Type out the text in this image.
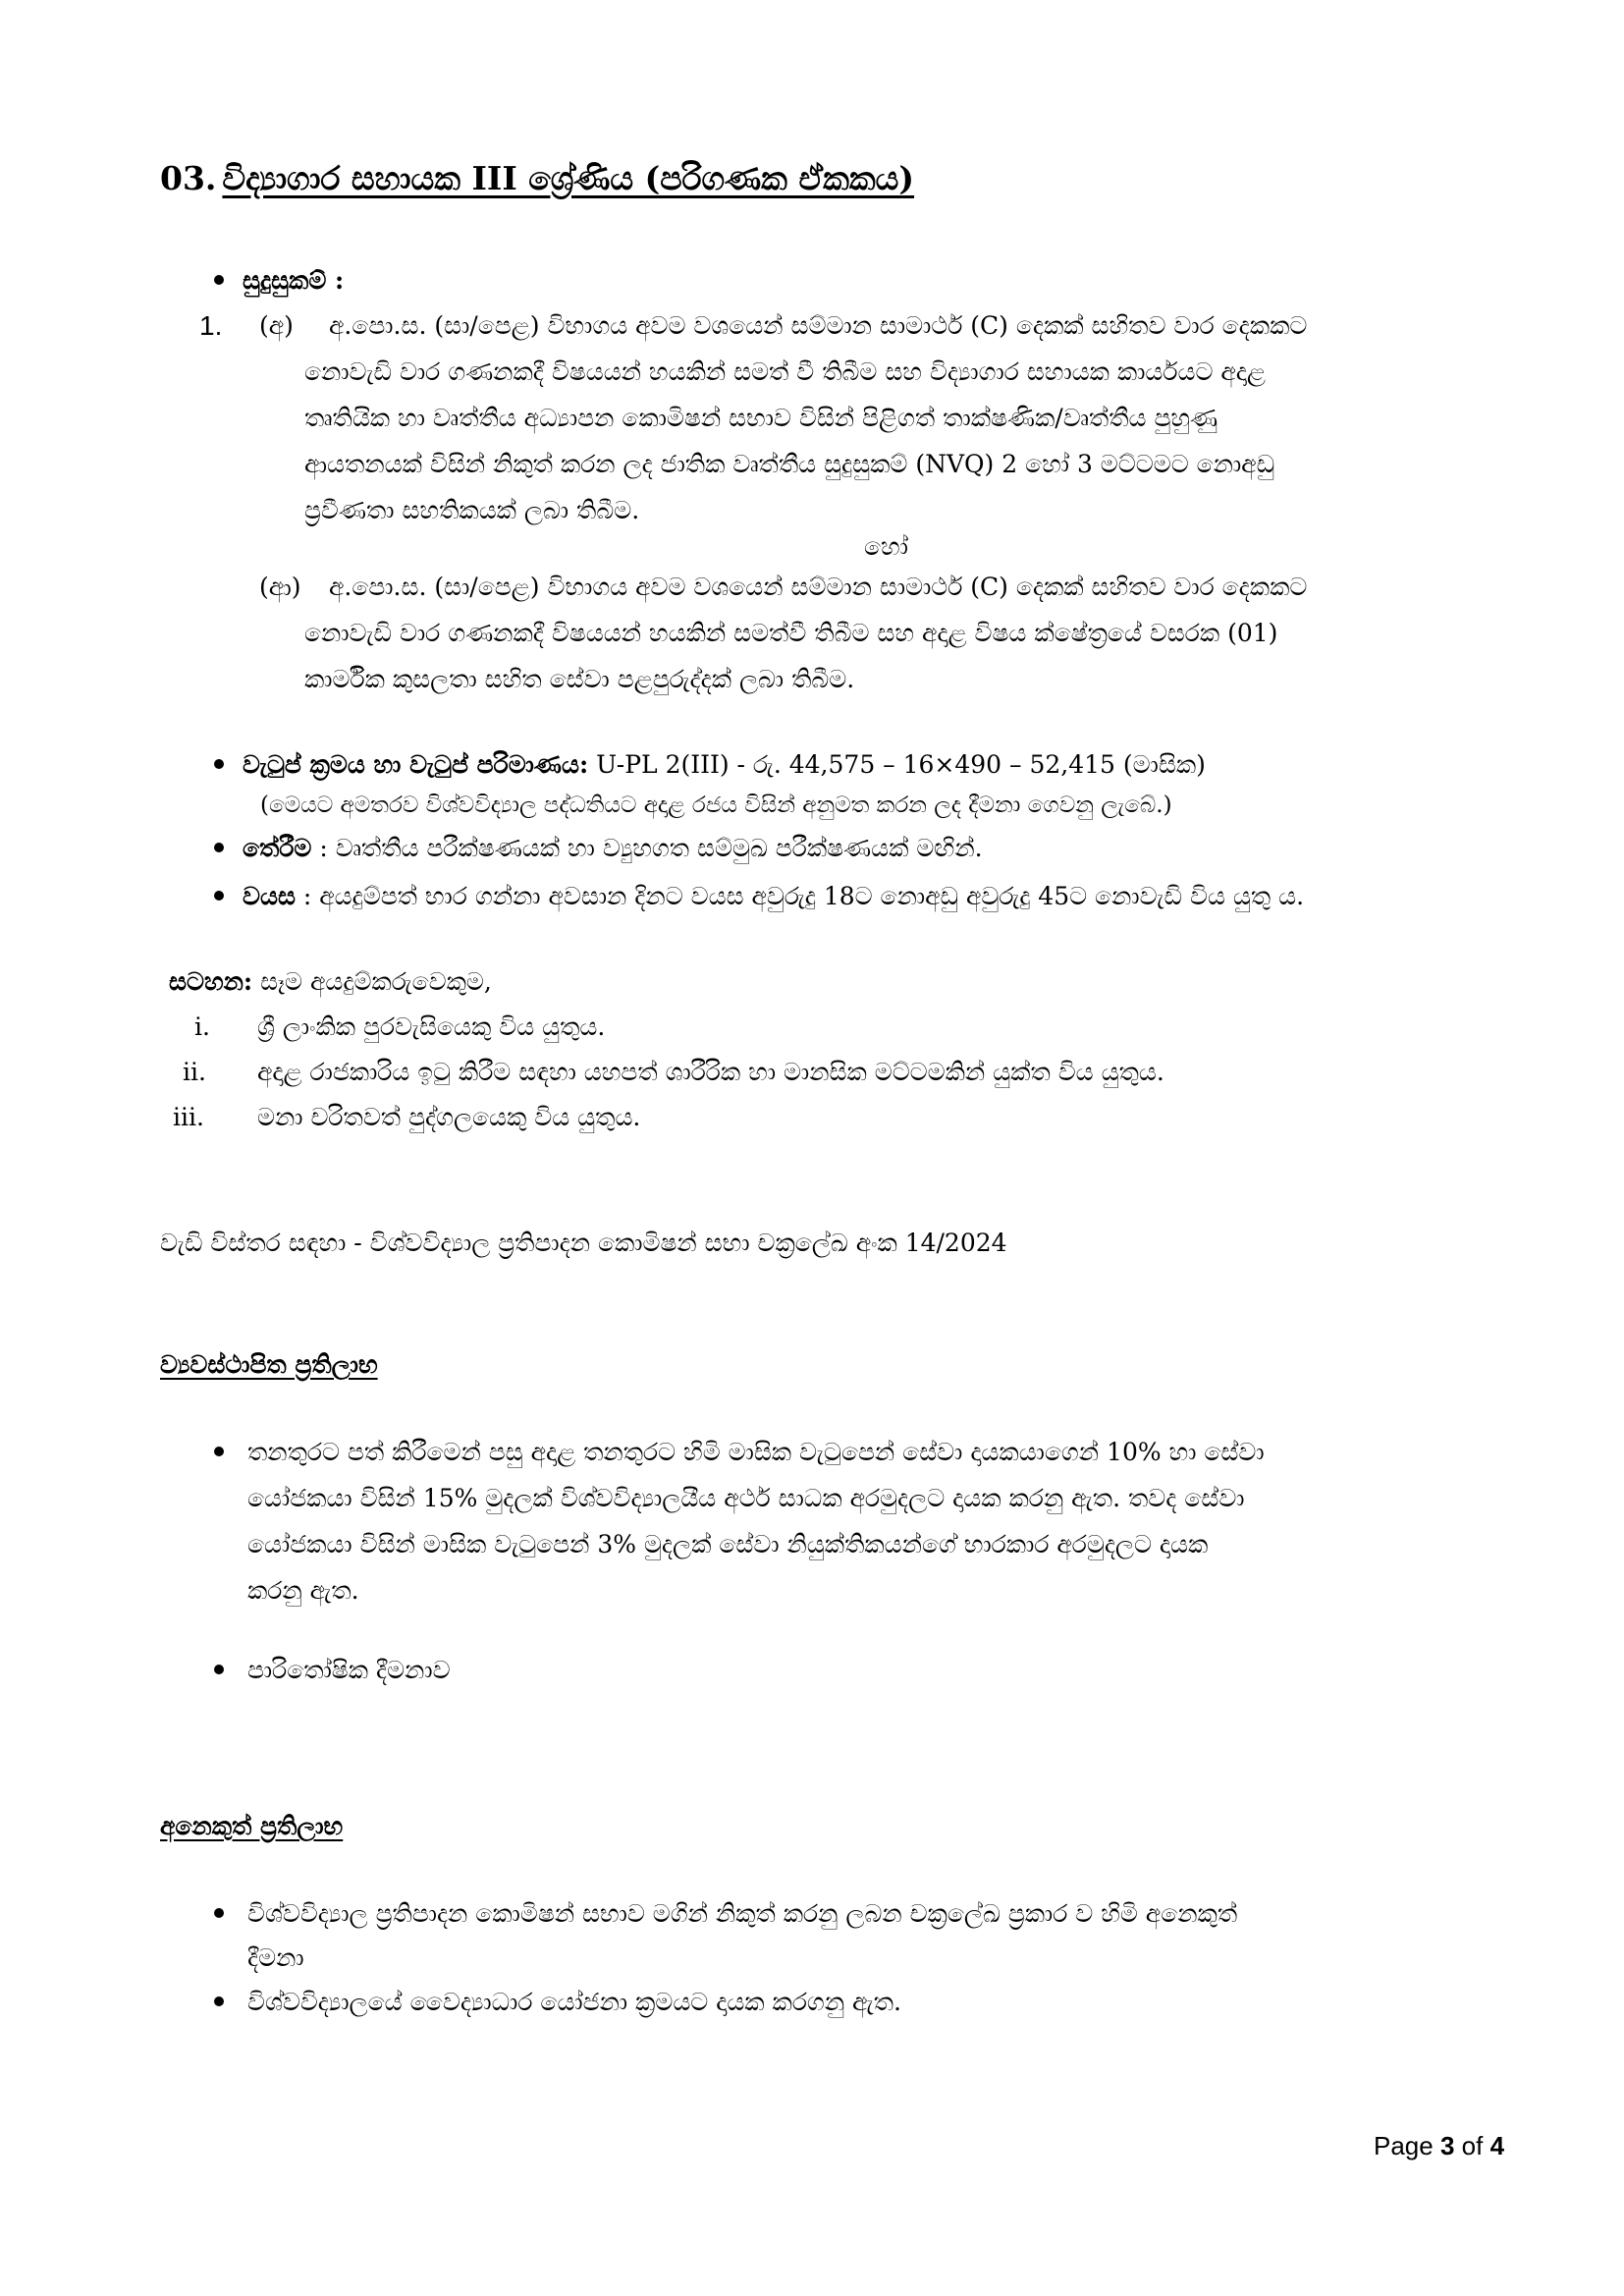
03. විද්‍යාගාර සහායක III ශ්‍රේණිය (පරිගණක ඒකකය)
සුදුසුකම් :
1. (අ) අ.පො.ස. (සා/පෙළ) විභාගය අවම වශයෙන් සම්මාන සාමාර්ථ (C) දෙකක් සහිතව වාර දෙකකට
නොවැඩි වාර ගණනකදී විෂයයන් හයකින් සමත් වී තිබීම සහ විද්‍යාගාර සහායක කාර්යයට අදාළ
තෘතියික හා වෘත්තීය අධ්‍යාපන කොමිෂන් සභාව විසින් පිළිගත් තාක්ෂණික/වෘත්තීය පුහුණු
ආයතනයක් විසින් නිකුත් කරන ලද ජාතික වෘත්තීය සුදුසුකම් (NVQ) 2 හෝ 3 මට්ටමට නොඅඩු
ප්‍රවීණතා සහතිකයක් ලබා තිබීම.
හෝ
(ආ) අ.පො.ස. (සා/පෙළ) විභාගය අවම වශයෙන් සම්මාන සාමාර්ථ (C) දෙකක් සහිතව වාර දෙකකට
නොවැඩි වාර ගණනකදී විෂයයන් හයකින් සමත්වී තිබීම සහ අදාළ විෂය ක්ෂේත්‍රයේ වසරක (01)
කාර්මික කුසලතා සහිත සේවා පළපුරුද්දක් ලබා තිබීම.
වැටුප් ක්‍රමය හා වැටුප් පරිමාණය: U-PL 2(III) - රු. 44,575 – 16×490 – 52,415 (මාසික)
(මෙයට අමතරව විශ්වවිද්‍යාල පද්ධතියට අදාළ රජය විසින් අනුමත කරන ලද දීමනා ගෙවනු ලැබේ.)
තේරීම : වෘත්තීය පරීක්ෂණයක් හා ව්‍යුහගත සම්මුඛ පරීක්ෂණයක් මඟින්.
වයස : අයදුම්පත් භාර ගන්නා අවසාන දිනට වයස අවුරුදු 18ට නොඅඩු අවුරුදු 45ට නොවැඩි විය යුතු ය.
සටහන: සෑම අයදුම්කරුවෙකුම,
i. ශ්‍රී ලාංකික පුරවැසියෙකු විය යුතුය.
ii. අදාළ රාජකාරිය ඉටු කිරීම සඳහා යහපත් ශාරීරික හා මානසික මට්ටමකින් යුක්ත විය යුතුය.
iii. මනා චරිතවත් පුද්ගලයෙකු විය යුතුය.
වැඩි විස්තර සඳහා - විශ්වවිද්‍යාල ප්‍රතිපාදන කොමිෂන් සභා චක්‍රලේඛ අංක 14/2024
ව්‍යවස්ථාපිත ප්‍රතිලාභ
තනතුරට පත් කිරීමෙන් පසු අදාළ තනතුරට හිමි මාසික වැටුපෙන් සේවා දායකයාගෙන් 10% හා සේවා
යෝජකයා විසින් 15% මුදලක් විශ්වවිද්‍යාලයීය අර්ථ සාධක අරමුදලට දායක කරනු ඇත. තවද සේවා
යෝජකයා විසින් මාසික වැටුපෙන් 3% මුදලක් සේවා නියුක්තිකයන්ගේ භාරකාර අරමුදලට දායක
කරනු ඇත.
පාරිතෝෂික දීමනාව
අනෙකුත් ප්‍රතිලාභ
විශ්වවිද්‍යාල ප්‍රතිපාදන කොමිෂන් සභාව මගින් නිකුත් කරනු ලබන චක්‍රලේඛ ප්‍රකාර ව හිමි අනෙකුත්
දීමනා
විශ්වවිද්‍යාලයේ වෛද්‍යාධාර යෝජනා ක්‍රමයට දායක කරගනු ඇත.
Page 3 of 4
